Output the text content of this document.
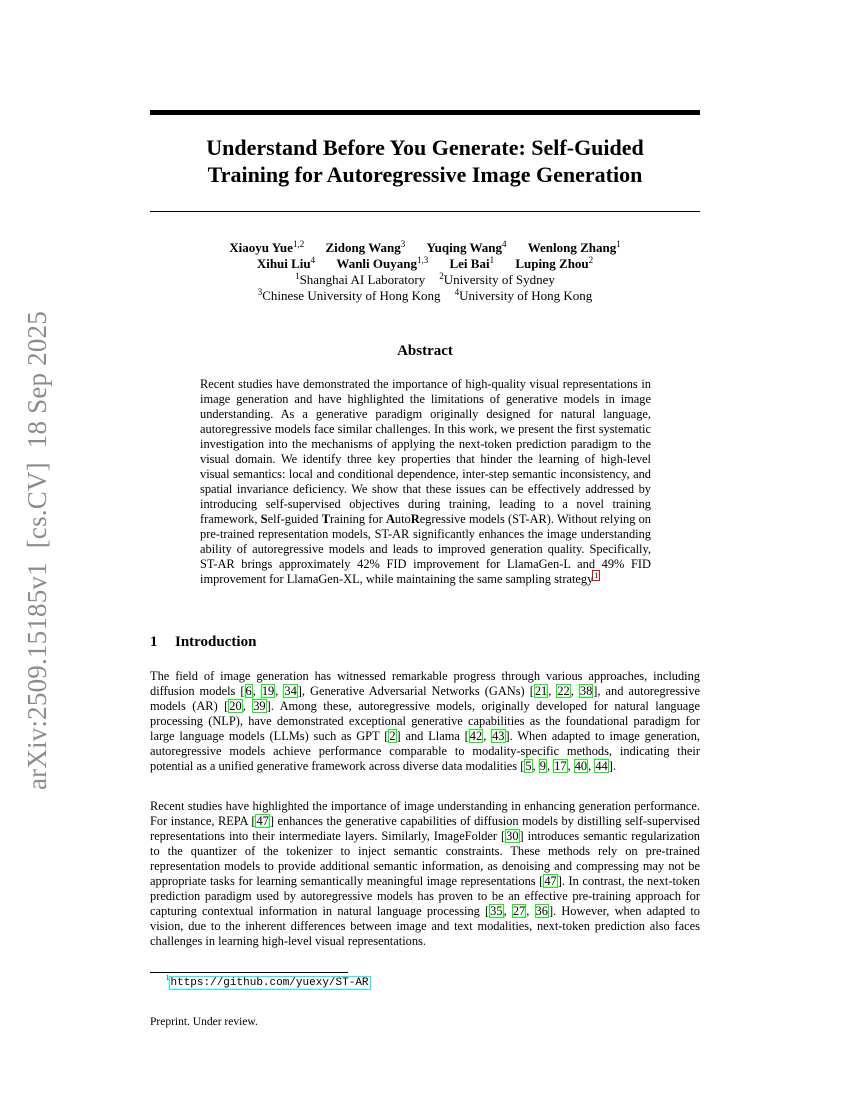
arXiv:2509.15185v1  [cs.CV]  18 Sep 2025
Understand Before You Generate: Self-Guided
Training for Autoregressive Image Generation
Xiaoyu Yue$^{1,2}$ Zidong Wang$^3$ Yuqing Wang$^4$ Wenlong Zhang$^1$
Xihui Liu$^4$ Wanli Ouyang$^{1,3}$ Lei Bai$^1$ Luping Zhou$^2$
$^1$Shanghai AI Laboratory $^2$University of Sydney
$^3$Chinese University of Hong Kong $^4$University of Hong Kong
Abstract
Recent studies have demonstrated the importance of high-quality visual representations in image generation and have highlighted the limitations of generative models in image understanding. As a generative paradigm originally designed for natural language, autoregressive models face similar challenges. In this work, we present the first systematic investigation into the mechanisms of applying the next-token prediction paradigm to the visual domain. We identify three key properties that hinder the learning of high-level visual semantics: local and conditional dependence, inter-step semantic inconsistency, and spatial invariance deficiency. We show that these issues can be effectively addressed by introducing self-supervised objectives during training, leading to a novel training framework, Self-guided Training for AutoRegressive models (ST-AR). Without relying on pre-trained representation models, ST-AR significantly enhances the image understanding ability of autoregressive models and leads to improved generation quality. Specifically, ST-AR brings approximately 42% FID improvement for LlamaGen-L and 49% FID improvement for LlamaGen-XL, while maintaining the same sampling strategy$^1$
1 Introduction
The field of image generation has witnessed remarkable progress through various approaches, including diffusion models [6, 19, 34], Generative Adversarial Networks (GANs) [21, 22, 38], and autoregressive models (AR) [20, 39]. Among these, autoregressive models, originally developed for natural language processing (NLP), have demonstrated exceptional generative capabilities as the foundational paradigm for large language models (LLMs) such as GPT [2] and Llama [42, 43]. When adapted to image generation, autoregressive models achieve performance comparable to modality-specific methods, indicating their potential as a unified generative framework across diverse data modalities [5, 9, 17, 40, 44].
Recent studies have highlighted the importance of image understanding in enhancing generation performance. For instance, REPA [47] enhances the generative capabilities of diffusion models by distilling self-supervised representations into their intermediate layers. Similarly, ImageFolder [30] introduces semantic regularization to the quantizer of the tokenizer to inject semantic constraints. These methods rely on pre-trained representation models to provide additional semantic information, as denoising and compressing may not be appropriate tasks for learning semantically meaningful image representations [47]. In contrast, the next-token prediction paradigm used by autoregressive models has proven to be an effective pre-training approach for capturing contextual information in natural language processing [35, 27, 36]. However, when adapted to vision, due to the inherent differences between image and text modalities, next-token prediction also faces challenges in learning high-level visual representations.
$^1$https://github.com/yuexy/ST-AR
Preprint. Under review.
